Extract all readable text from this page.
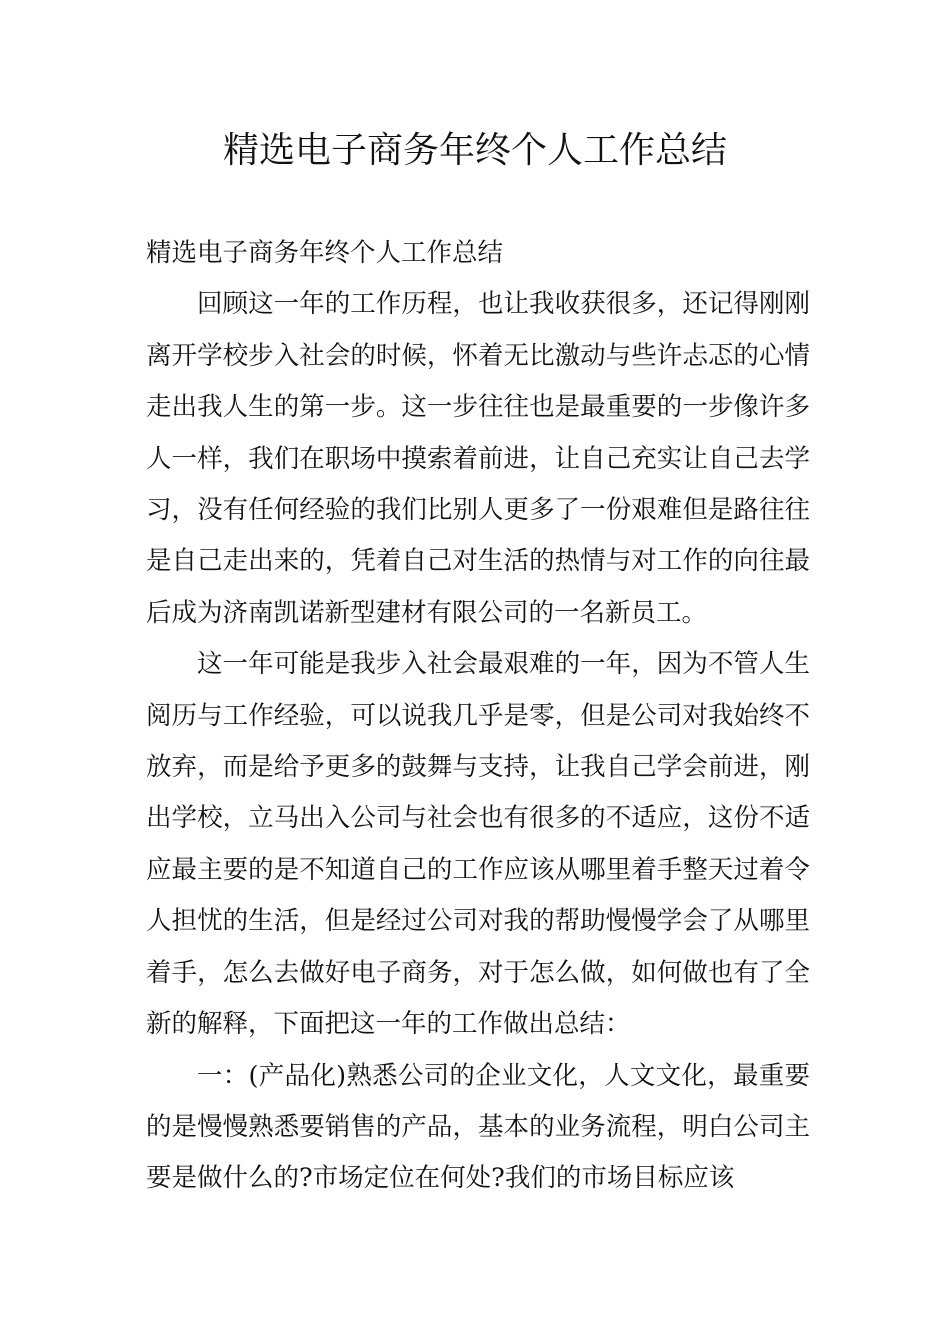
精选电子商务年终个人工作总结

精选电子商务年终个人工作总结

回顾这一年的工作历程，也让我收获很多，还记得刚刚离开学校步入社会的时候，怀着无比激动与些许忐忑的心情走出我人生的第一步。这一步往往也是最重要的一步像许多人一样，我们在职场中摸索着前进，让自己充实让自己去学习，没有任何经验的我们比别人更多了一份艰难但是路往往是自己走出来的，凭着自己对生活的热情与对工作的向往最后成为济南凯诺新型建材有限公司的一名新员工。

这一年可能是我步入社会最艰难的一年，因为不管人生阅历与工作经验，可以说我几乎是零，但是公司对我始终不放弃，而是给予更多的鼓舞与支持，让我自己学会前进，刚出学校，立马出入公司与社会也有很多的不适应，这份不适应最主要的是不知道自己的工作应该从哪里着手整天过着令人担忧的生活，但是经过公司对我的帮助慢慢学会了从哪里着手，怎么去做好电子商务，对于怎么做，如何做也有了全新的解释，下面把这一年的工作做出总结：

一：(产品化)熟悉公司的企业文化，人文文化，最重要的是慢慢熟悉要销售的产品，基本的业务流程，明白公司主要是做什么的?市场定位在何处?我们的市场目标应该
